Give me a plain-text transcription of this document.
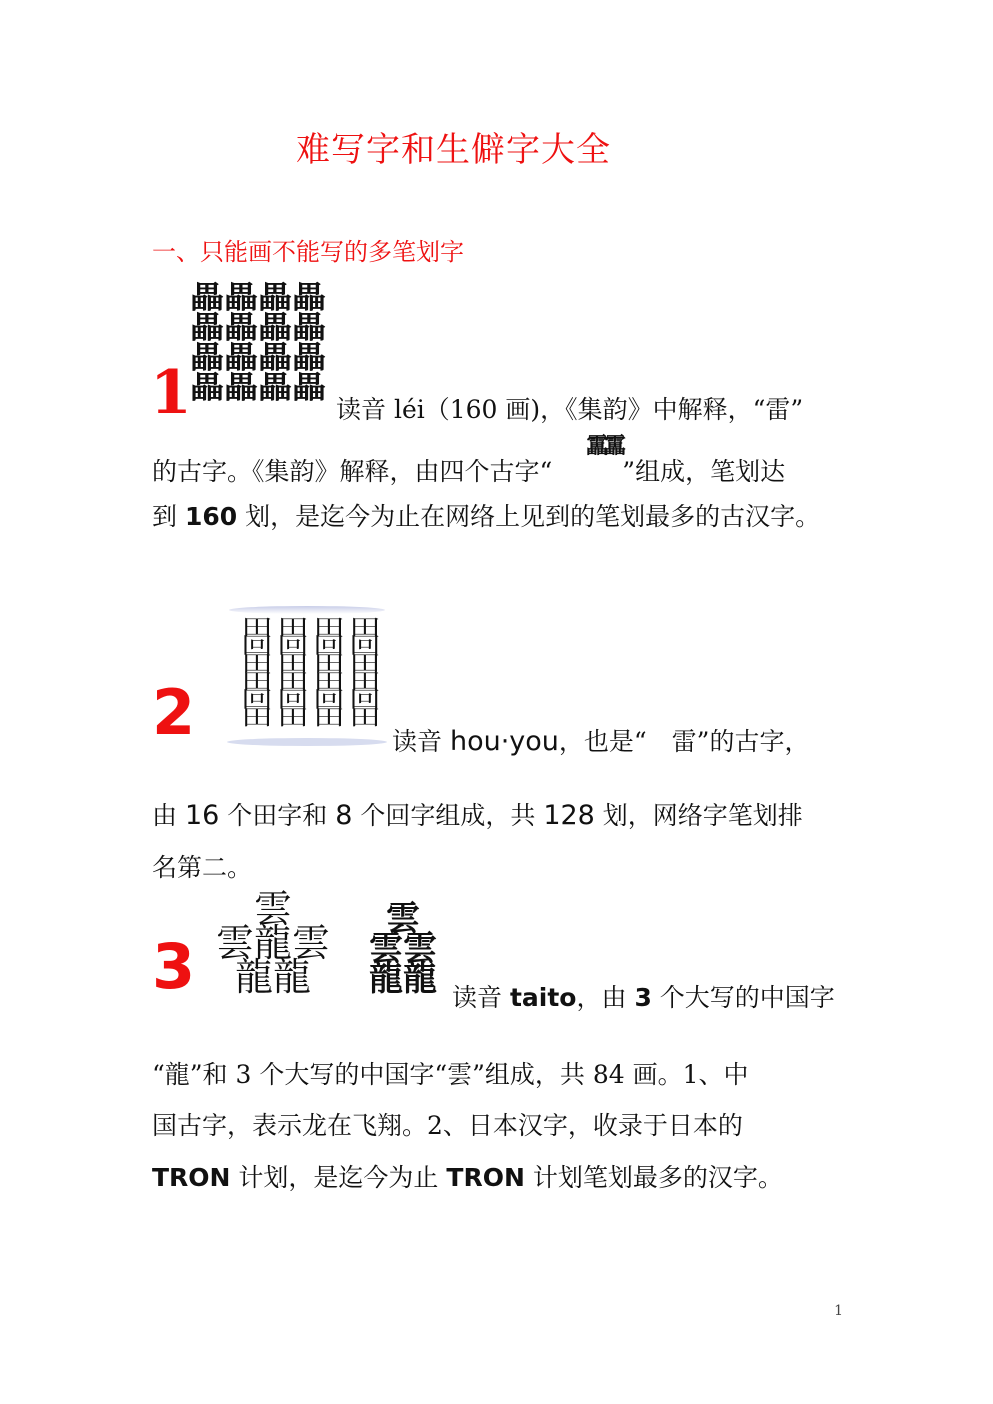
难写字和生僻字大全
一、只能画不能写的多笔划字
畾 畾 畾 畾
畾 畾 畾 畾
畾 畾 畾 畾
畾 畾 畾 畾
1	读音 léi（160 画)，《集韵》中解释，“雷”
的古字。《集韵》解释，由四个古字“	”组成，笔划达
靁靁
到 160 划，是迄今为止在网络上见到的笔划最多的古汉字。
田 田 田 田
回 回 回 回
田 田 田 田
田 田 田 田
回 回 回 回
田 田 田 田
2	读音 hou·you，也是“　雷”的古字，
由 16 个田字和 8 个回字组成，共 128 划，网络字笔划排
名第二。
雲
雲龍雲
龍龍
雲
雲雲
龍龍
3	读音 taito，由 3 个大写的中国字
“龍”和 3 个大写的中国字“雲”组成，共 84 画。1、中
国古字，表示龙在飞翔。2、日本汉字，收录于日本的
TRON 计划，是迄今为止 TRON 计划笔划最多的汉字。
1
